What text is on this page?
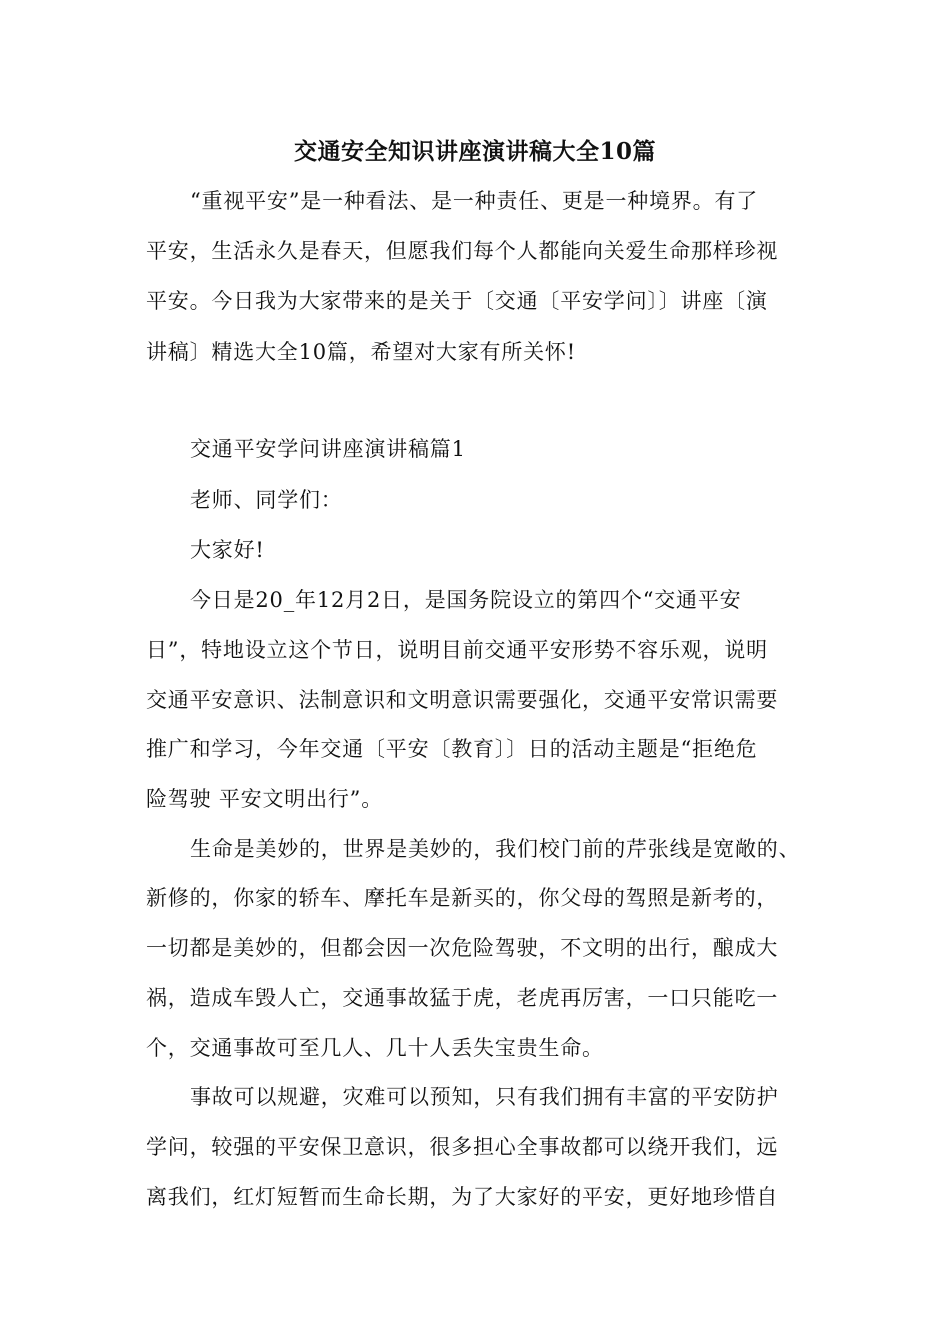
交通安全知识讲座演讲稿大全10篇
“重视平安”是一种看法、是一种责任、更是一种境界。有了
平安，生活永久是春天，但愿我们每个人都能向关爱生命那样珍视
平安。今日我为大家带来的是关于〔交通〔平安学问〕〕讲座〔演
讲稿〕精选大全10篇，希望对大家有所关怀!
交通平安学问讲座演讲稿篇1
老师、同学们：
大家好!
今日是20_年12月2日，是国务院设立的第四个“交通平安
日”，特地设立这个节日，说明目前交通平安形势不容乐观，说明
交通平安意识、法制意识和文明意识需要强化，交通平安常识需要
推广和学习，今年交通〔平安〔教育〕〕日的活动主题是“拒绝危
险驾驶 平安文明出行”。
生命是美妙的，世界是美妙的，我们校门前的芹张线是宽敞的、
新修的，你家的轿车、摩托车是新买的，你父母的驾照是新考的，
一切都是美妙的，但都会因一次危险驾驶，不文明的出行，酿成大
祸，造成车毁人亡，交通事故猛于虎，老虎再厉害，一口只能吃一
个，交通事故可至几人、几十人丢失宝贵生命。
事故可以规避，灾难可以预知，只有我们拥有丰富的平安防护
学问，较强的平安保卫意识，很多担心全事故都可以绕开我们，远
离我们，红灯短暂而生命长期，为了大家好的平安，更好地珍惜自
